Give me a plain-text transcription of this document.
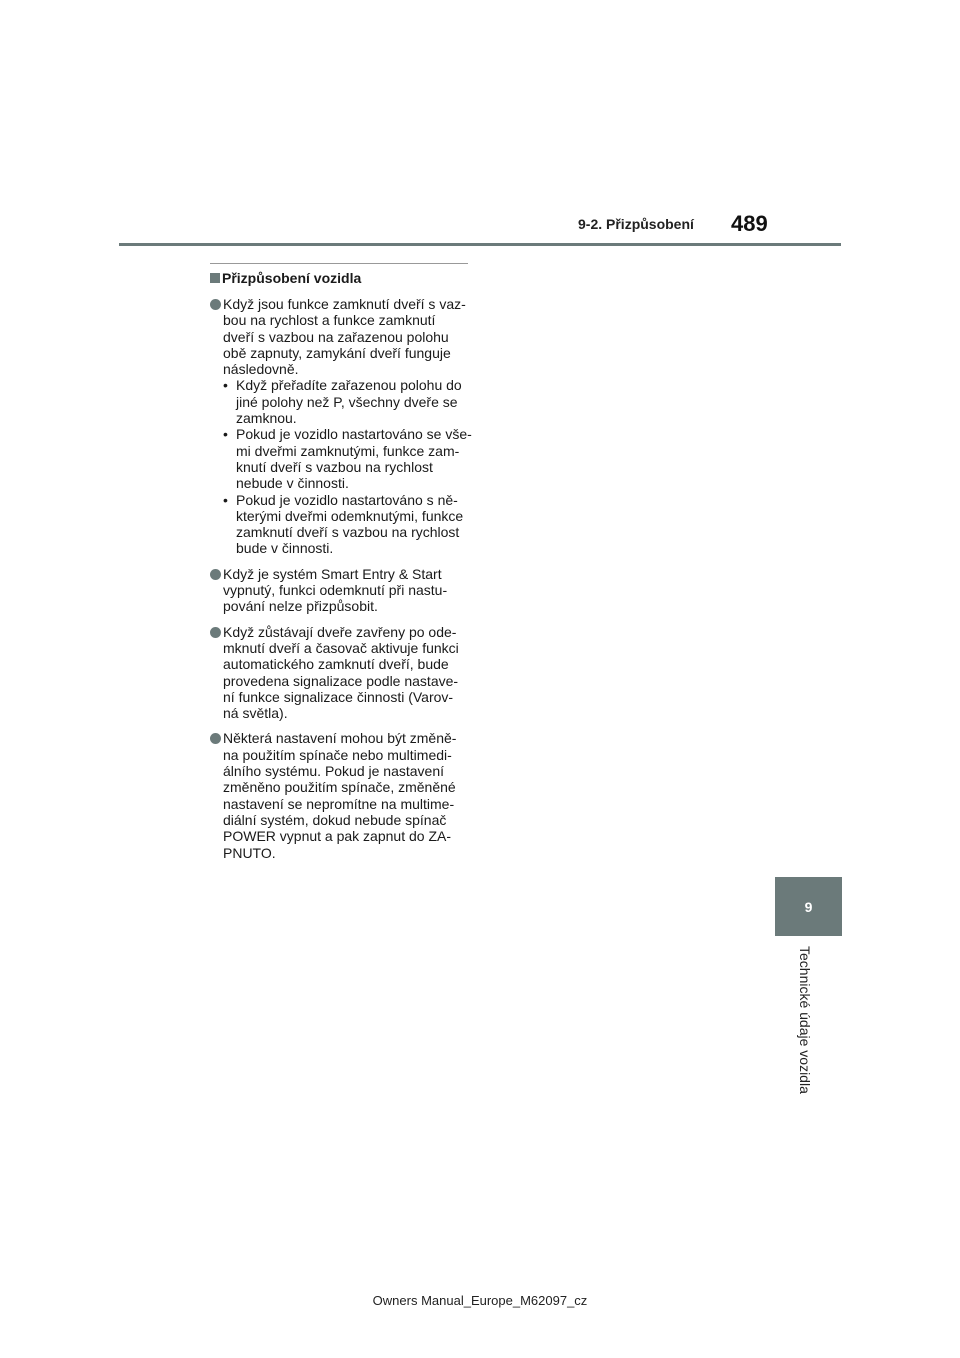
9-2. Přizpůsobení 489
9
Technické údaje vozidla
Přizpůsobení vozidla
Když jsou funkce zamknutí dveří s vaz-
bou na rychlost a funkce zamknutí
dveří s vazbou na zařazenou polohu
obě zapnuty, zamykání dveří funguje
následovně.
• Když přeřadíte zařazenou polohu do
jiné polohy než P, všechny dveře se
zamknou.
• Pokud je vozidlo nastartováno se vše-
mi dveřmi zamknutými, funkce zam-
knutí dveří s vazbou na rychlost
nebude v činnosti.
• Pokud je vozidlo nastartováno s ně-
kterými dveřmi odemknutými, funkce
zamknutí dveří s vazbou na rychlost
bude v činnosti.
Když je systém Smart Entry & Start
vypnutý, funkci odemknutí při nastu-
pování nelze přizpůsobit.
Když zůstávají dveře zavřeny po ode-
mknutí dveří a časovač aktivuje funkci
automatického zamknutí dveří, bude
provedena signalizace podle nastave-
ní funkce signalizace činnosti (Varov-
ná světla).
Některá nastavení mohou být změně-
na použitím spínače nebo multimedi-
álního systému. Pokud je nastavení
změněno použitím spínače, změněné
nastavení se nepromítne na multime-
diální systém, dokud nebude spínač
POWER vypnut a pak zapnut do ZA-
PNUTO.
Owners Manual_Europe_M62097_cz
